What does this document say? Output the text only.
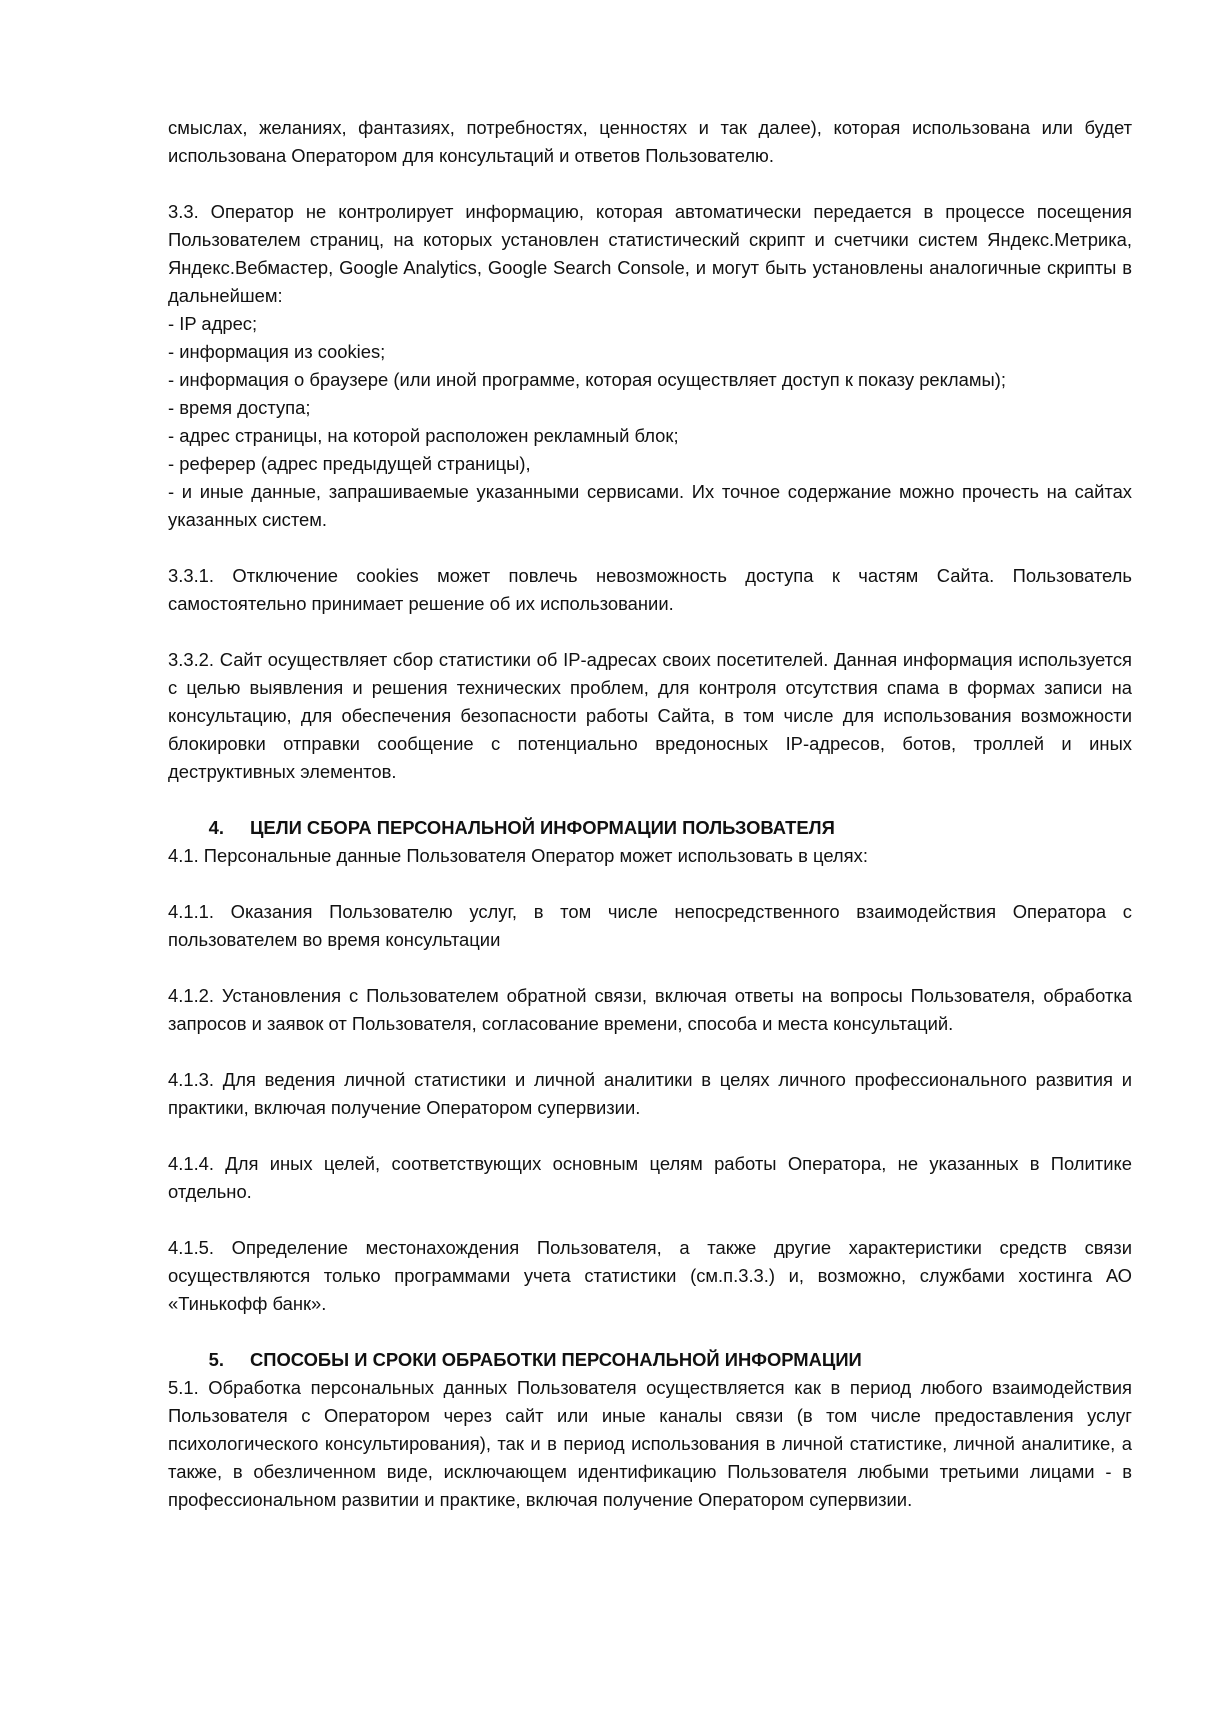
смыслах, желаниях, фантазиях, потребностях, ценностях и так далее), которая использована или будет использована Оператором для консультаций и ответов Пользователю.

3.3. Оператор не контролирует информацию, которая автоматически передается в процессе посещения Пользователем страниц, на которых установлен статистический скрипт и счетчики систем Яндекс.Метрика, Яндекс.Вебмастер, Google Analytics, Google Search Console, и могут быть установлены аналогичные скрипты в дальнейшем:

- IP адрес;
- информация из cookies;
- информация о браузере (или иной программе, которая осуществляет доступ к показу рекламы);
- время доступа;
- адрес страницы, на которой расположен рекламный блок;
- реферер (адрес предыдущей страницы),
- и иные данные, запрашиваемые указанными сервисами. Их точное содержание можно прочесть на сайтах указанных систем.

3.3.1. Отключение cookies может повлечь невозможность доступа к частям Сайта. Пользователь самостоятельно принимает решение об их использовании.

3.3.2. Сайт осуществляет сбор статистики об IP-адресах своих посетителей. Данная информация используется с целью выявления и решения технических проблем, для контроля отсутствия спама в формах записи на консультацию, для обеспечения безопасности работы Сайта, в том числе для использования возможности блокировки отправки сообщение с потенциально вредоносных IP-адресов, ботов, троллей и иных деструктивных элементов.

4.	ЦЕЛИ СБОРА ПЕРСОНАЛЬНОЙ ИНФОРМАЦИИ ПОЛЬЗОВАТЕЛЯ

4.1. Персональные данные Пользователя Оператор может использовать в целях:

4.1.1. Оказания Пользователю услуг, в том числе непосредственного взаимодействия Оператора с пользователем во время консультации

4.1.2. Установления с Пользователем обратной связи, включая ответы на вопросы Пользователя, обработка запросов и заявок от Пользователя, согласование времени, способа и места консультаций.

4.1.3. Для ведения личной статистики и личной аналитики в целях личного профессионального развития и практики, включая получение Оператором супервизии.

4.1.4. Для иных целей, соответствующих основным целям работы Оператора, не указанных в Политике отдельно.

4.1.5. Определение местонахождения Пользователя, а также другие характеристики средств связи осуществляются только программами учета статистики (см.п.3.3.) и, возможно, службами хостинга АО «Тинькофф банк».

5.	СПОСОБЫ И СРОКИ ОБРАБОТКИ ПЕРСОНАЛЬНОЙ ИНФОРМАЦИИ

5.1. Обработка персональных данных Пользователя осуществляется как в период любого взаимодействия Пользователя с Оператором через сайт или иные каналы связи (в том числе предоставления услуг психологического консультирования), так и в период использования в личной статистике, личной аналитике, а также, в обезличенном виде, исключающем идентификацию Пользователя любыми третьими лицами - в профессиональном развитии и практике, включая получение Оператором супервизии.
